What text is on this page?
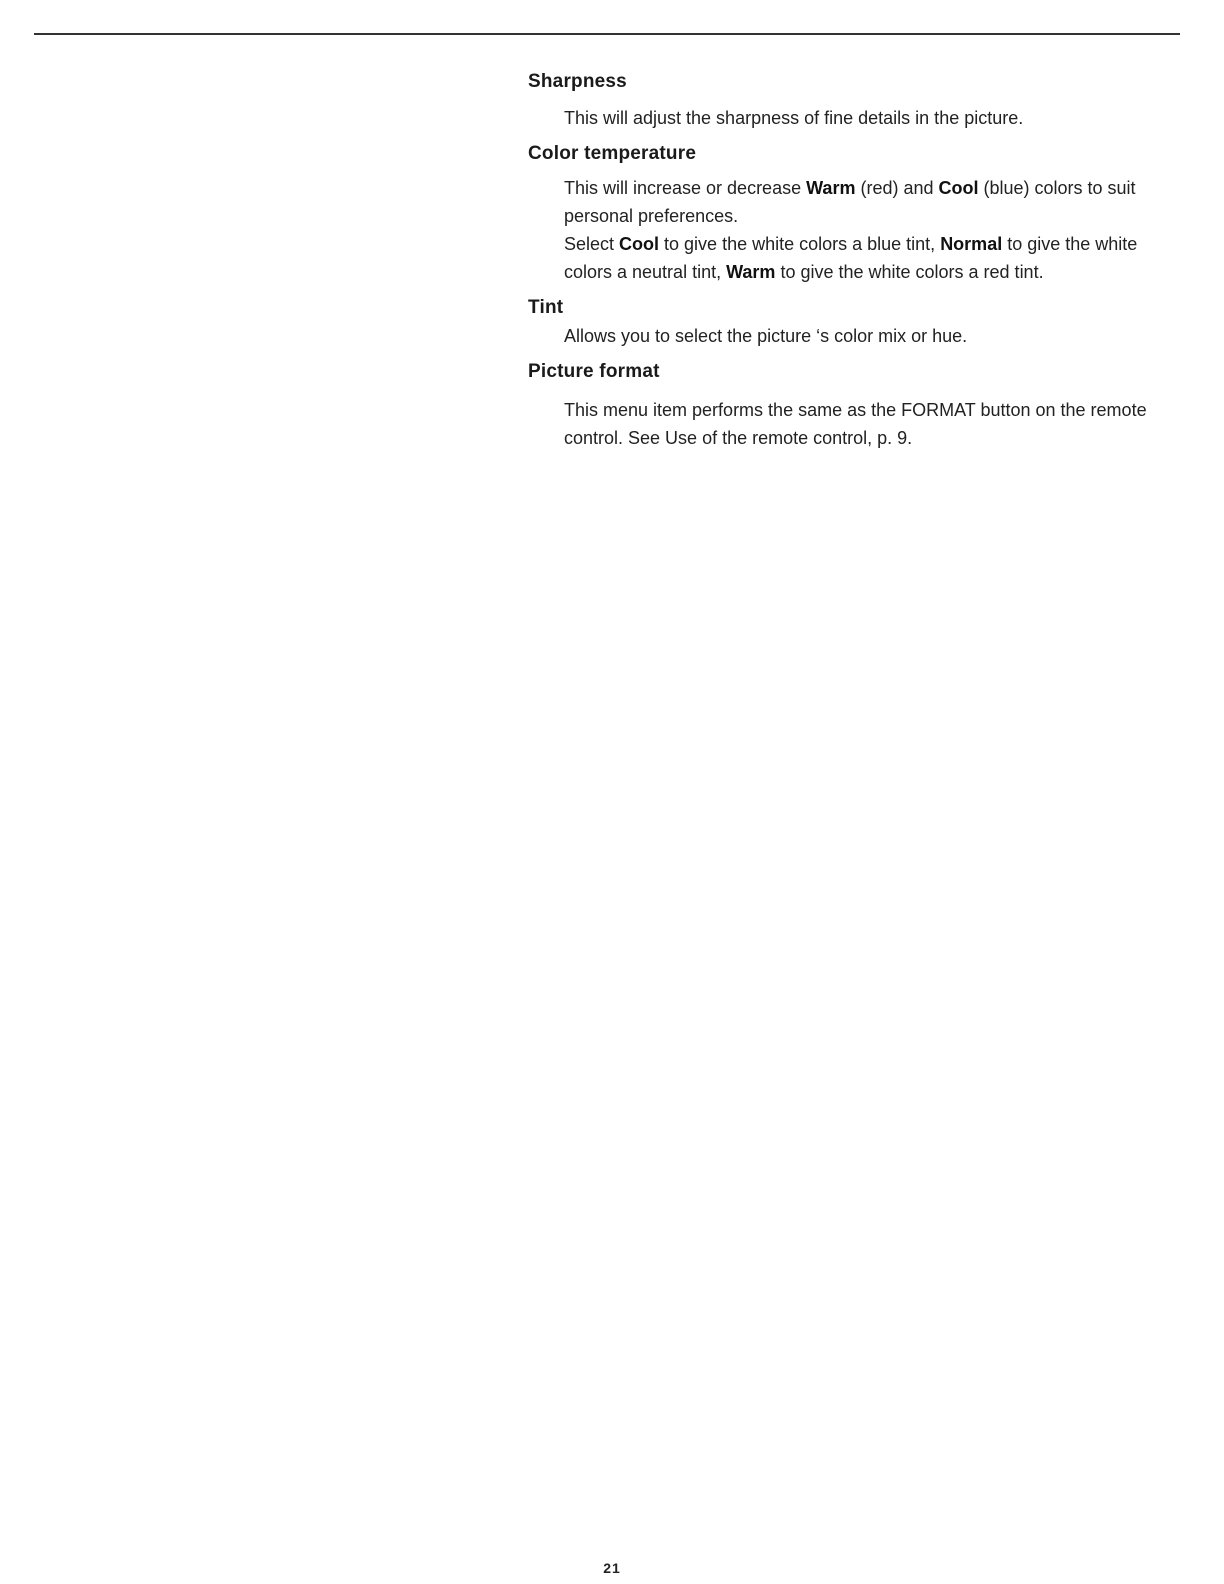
Sharpness

This will adjust the sharpness of fine details in the picture.

Color temperature

This will increase or decrease Warm (red) and Cool (blue) colors to suit personal preferences.

Select Cool to give the white colors a blue tint, Normal to give the white colors a neutral tint, Warm to give the white colors a red tint.

Tint

Allows you to select the picture ‘s color mix or hue.

Picture format

This menu item performs the same as the FORMAT button on the remote control. See Use of the remote control, p. 9.

21
